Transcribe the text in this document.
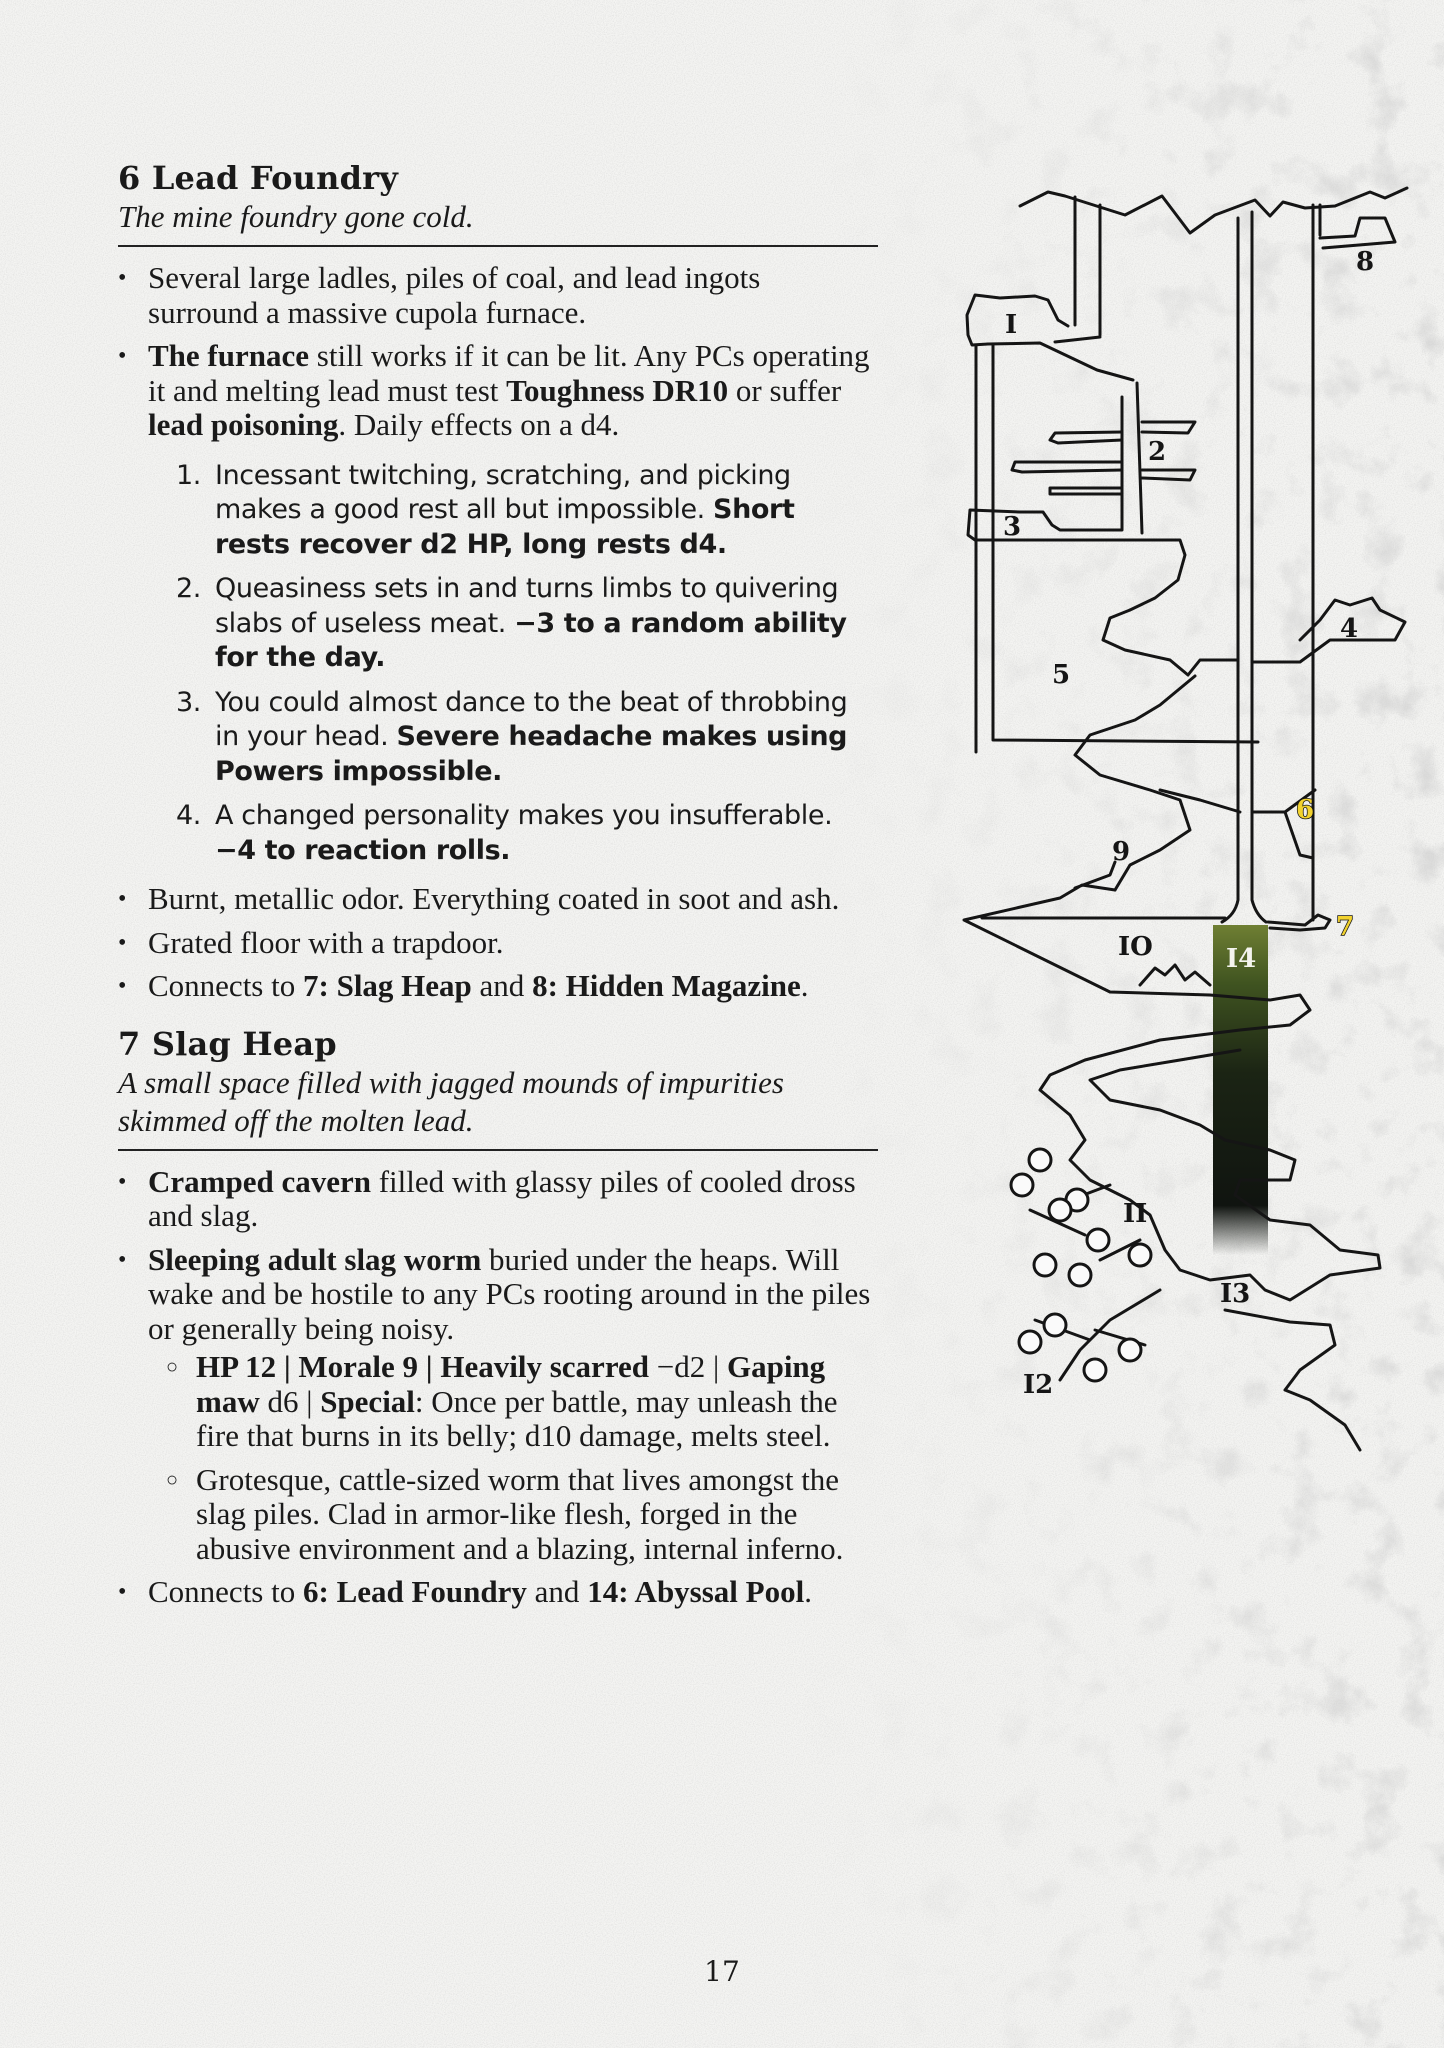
6 Lead Foundry

The mine foundry gone cold.

• Several large ladles, piles of coal, and lead ingots surround a massive cupola furnace.
• The furnace still works if it can be lit. Any PCs operating it and melting lead must test Toughness DR10 or suffer lead poisoning. Daily effects on a d4.
1. Incessant twitching, scratching, and picking makes a good rest all but impossible. Short rests recover d2 HP, long rests d4.
2. Queasiness sets in and turns limbs to quivering slabs of useless meat. −3 to a random ability for the day.
3. You could almost dance to the beat of throbbing in your head. Severe headache makes using Powers impossible.
4. A changed personality makes you insufferable. −4 to reaction rolls.
• Burnt, metallic odor. Everything coated in soot and ash.
• Grated floor with a trapdoor.
• Connects to 7: Slag Heap and 8: Hidden Magazine.
7 Slag Heap

A small space filled with jagged mounds of impurities skimmed off the molten lead.

• Cramped cavern filled with glassy piles of cooled dross and slag.
• Sleeping adult slag worm buried under the heaps. Will wake and be hostile to any PCs rooting around in the piles or generally being noisy.
○ HP 12 | Morale 9 | Heavily scarred −d2 | Gaping maw d6 | Special: Once per battle, may unleash the fire that burns in its belly; d10 damage, melts steel.
○ Grotesque, cattle-sized worm that lives amongst the slag piles. Clad in armor-like flesh, forged in the abusive environment and a blazing, internal inferno.
• Connects to 6: Lead Foundry and 14: Abyssal Pool.
I
2
3
4
5
8
9
IO
II
I2
I3
I4
6
7
17
